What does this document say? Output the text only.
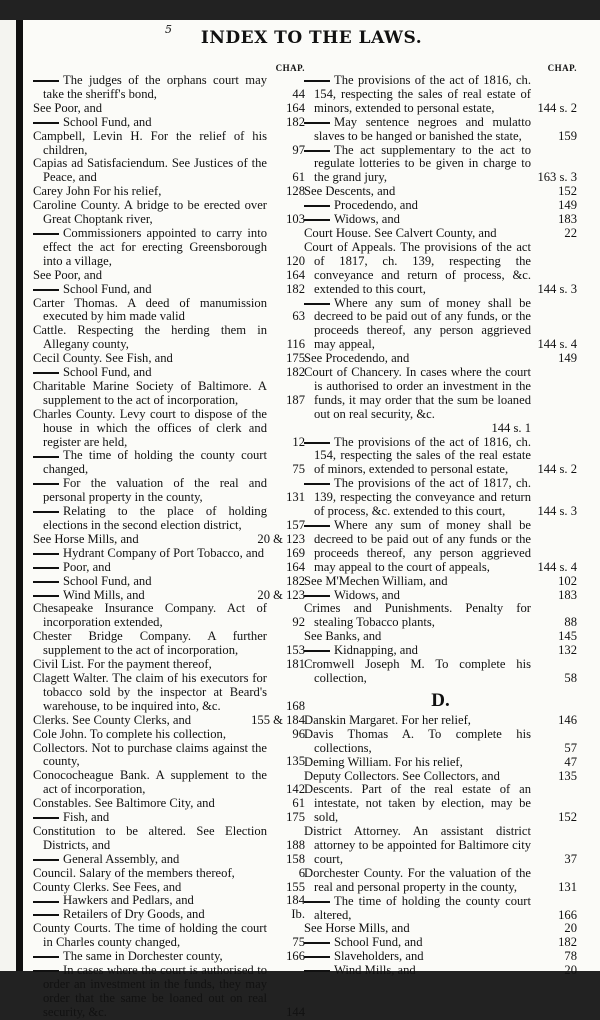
5	INDEX TO THE LAWS.
CHAP.
The judges of the orphans court may take the sheriff's bond,	44
See Poor, and	164
School Fund, and	182
Campbell, Levin H. For the relief of his children,	97
Capias ad Satisfaciendum. See Justices of the Peace, and	61
Carey John For his relief,	128
Caroline County. A bridge to be erected over Great Choptank river,	103
Commissioners appointed to carry into effect the act for erecting Greensborough into a village,	120
See Poor, and	164
School Fund, and	182
Carter Thomas. A deed of manumission executed by him made valid	63
Cattle. Respecting the herding them in Allegany county,	116
Cecil County. See Fish, and	175
School Fund, and	182
Charitable Marine Society of Baltimore. A supplement to the act of incorporation,	187
Charles County. Levy court to dispose of the house in which the offices of clerk and register are held,	12
The time of holding the county court changed,	75
For the valuation of the real and personal property in the county,	131
Relating to the place of holding elections in the second election district,	157
See Horse Mills, and	20 & 123
Hydrant Company of Port Tobacco, and 169
Poor, and	164
School Fund, and	182
Wind Mills, and	20 & 123
Chesapeake Insurance Company. Act of incorporation extended,	92
Chester Bridge Company. A further supplement to the act of incorporation,	153
Civil List. For the payment thereof,	181
Clagett Walter. The claim of his executors for tobacco sold by the inspector at Beard's warehouse, to be inquired into, &c.	168
Clerks. See County Clerks, and	155 & 184
Cole John. To complete his collection,	96
Collectors. Not to purchase claims against the county,	135
Conococheague Bank. A supplement to the act of incorporation,	142
Constables. See Baltimore City, and	61
Fish, and	175
Constitution to be altered. See Election Districts, and	188
General Assembly, and	158
Council. Salary of the members thereof,	6
County Clerks. See Fees, and	155
Hawkers and Pedlars, and	184
Retailers of Dry Goods, and	Ib.
County Courts. The time of holding the court in Charles county changed,	75
The same in Dorchester county,	166
In cases where the court is authorised to order an investment in the funds, they may order that the same be loaned out on real security, &c.	144
CHAP.
The provisions of the act of 1816, ch. 154, respecting the sales of real estate of minors, extended to personal estate,	144 s. 2
May sentence negroes and mulatto slaves to be hanged or banished the state,	159
The act supplementary to the act to regulate lotteries to be given in charge to the grand jury,	163 s. 3
See Descents, and	152
Procedendo, and	149
Widows, and	183
Court House. See Calvert County, and	22
Court of Appeals. The provisions of the act of 1817, ch. 139, respecting the conveyance and return of process, &c. extended to this court,	144 s. 3
Where any sum of money shall be decreed to be paid out of any funds, or the proceeds thereof, any person aggrieved may appeal,	144 s. 4
See Procedendo, and	149
Court of Chancery. In cases where the court is authorised to order an investment in the funds, it may order that the sum be loaned out on real security, &c.
144 s. 1
The provisions of the act of 1816, ch. 154, respecting the sales of the real estate of minors, extended to personal estate,	144 s. 2
The provisions of the act of 1817, ch. 139, respecting the conveyance and return of process, &c. extended to this court,	144 s. 3
Where any sum of money shall be decreed to be paid out of any funds or the proceeds thereof, any person aggrieved may appeal to the court of appeals,	144 s. 4
See M'Mechen William, and	102
Widows, and	183
Crimes and Punishments. Penalty for stealing Tobacco plants,	88
See Banks, and	145
Kidnapping, and	132
Cromwell Joseph M. To complete his collection,	58
D.
Danskin Margaret. For her relief,	146
Davis Thomas A. To complete his collections,	57
Deming William. For his relief,	47
Deputy Collectors. See Collectors, and	135
Descents. Part of the real estate of an intestate, not taken by election, may be sold,	152
District Attorney. An assistant district attorney to be appointed for Baltimore city court,	37
Dorchester County. For the valuation of the real and personal property in the county,	131
The time of holding the county court altered,	166
See Horse Mills, and	20
School Fund, and	182
Slaveholders, and	78
Wind Mills, and	20
